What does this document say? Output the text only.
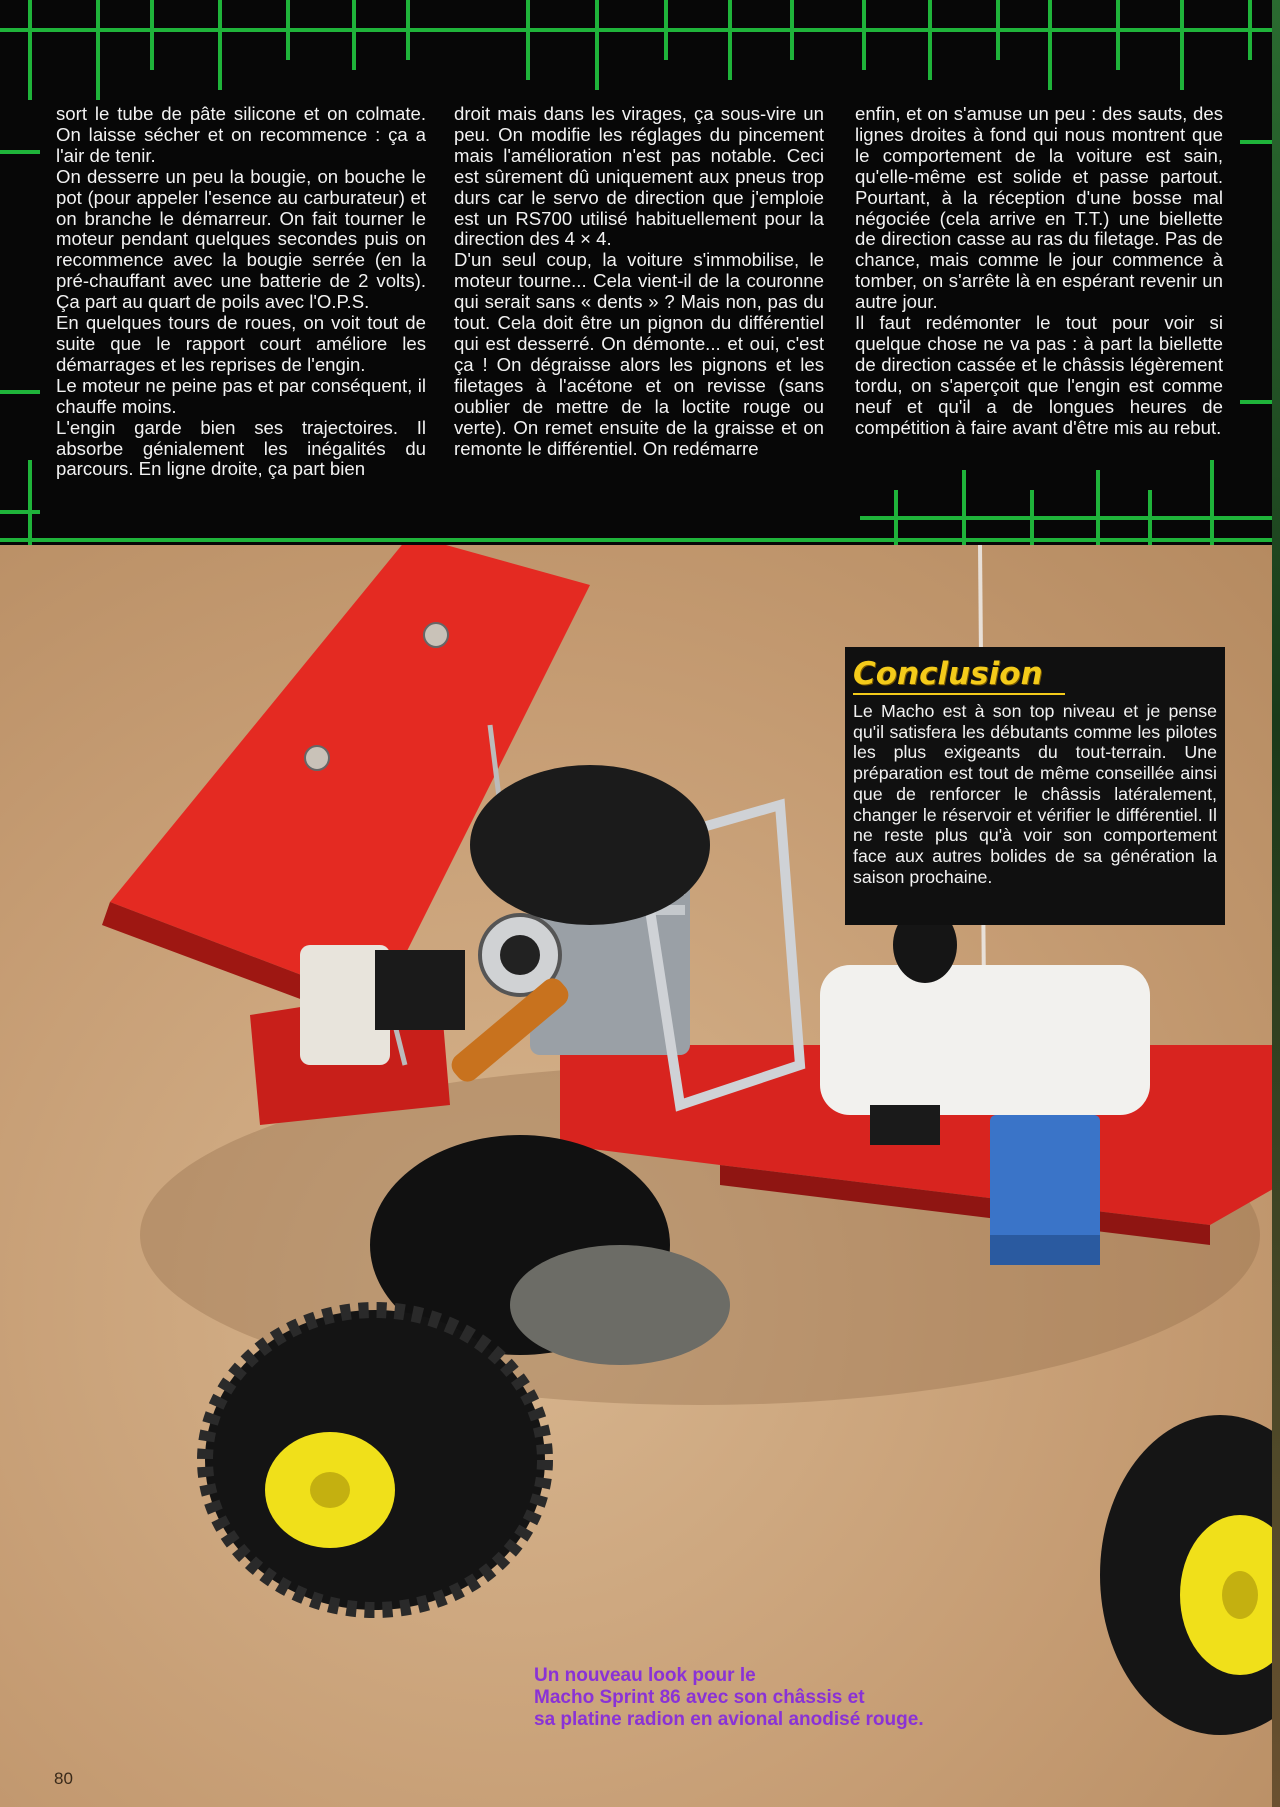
sort le tube de pâte silicone et on colmate. On laisse sécher et on recommence : ça a l'air de tenir.

On desserre un peu la bougie, on bouche le pot (pour appeler l'esence au carburateur) et on branche le démarreur. On fait tourner le moteur pendant quelques secondes puis on recommence avec la bougie serrée (en la pré-chauffant avec une batterie de 2 volts). Ça part au quart de poils avec l'O.P.S.

En quelques tours de roues, on voit tout de suite que le rapport court améliore les démarrages et les reprises de l'engin.

Le moteur ne peine pas et par conséquent, il chauffe moins.

L'engin garde bien ses trajectoires. Il absorbe génialement les inégalités du parcours. En ligne droite, ça part bien

droit mais dans les virages, ça sous-vire un peu. On modifie les réglages du pincement mais l'amélioration n'est pas notable. Ceci est sûrement dû uniquement aux pneus trop durs car le servo de direction que j'emploie est un RS700 utilisé habituellement pour la direction des 4 × 4.

D'un seul coup, la voiture s'immobilise, le moteur tourne... Cela vient-il de la couronne qui serait sans « dents » ? Mais non, pas du tout. Cela doit être un pignon du différentiel qui est desserré. On démonte... et oui, c'est ça ! On dégraisse alors les pignons et les filetages à l'acétone et on revisse (sans oublier de mettre de la loctite rouge ou verte). On remet ensuite de la graisse et on remonte le différentiel. On redémarre

enfin, et on s'amuse un peu : des sauts, des lignes droites à fond qui nous montrent que le comportement de la voiture est sain, qu'elle-même est solide et passe partout. Pourtant, à la réception d'une bosse mal négociée (cela arrive en T.T.) une biellette de direction casse au ras du filetage. Pas de chance, mais comme le jour commence à tomber, on s'arrête là en espérant revenir un autre jour.

Il faut redémonter le tout pour voir si quelque chose ne va pas : à part la biellette de direction cassée et le châssis légèrement tordu, on s'aperçoit que l'engin est comme neuf et qu'il a de longues heures de compétition à faire avant d'être mis au rebut.

Conclusion

Le Macho est à son top niveau et je pense qu'il satisfera les débutants comme les pilotes les plus exigeants du tout-terrain. Une préparation est tout de même conseillée ainsi que de renforcer le châssis latéralement, changer le réservoir et vérifier le différentiel. Il ne reste plus qu'à voir son comportement face aux autres bolides de sa génération la saison prochaine.

Un nouveau look pour le
Macho Sprint 86 avec son châssis et
sa platine radion en avional anodisé rouge.
80
